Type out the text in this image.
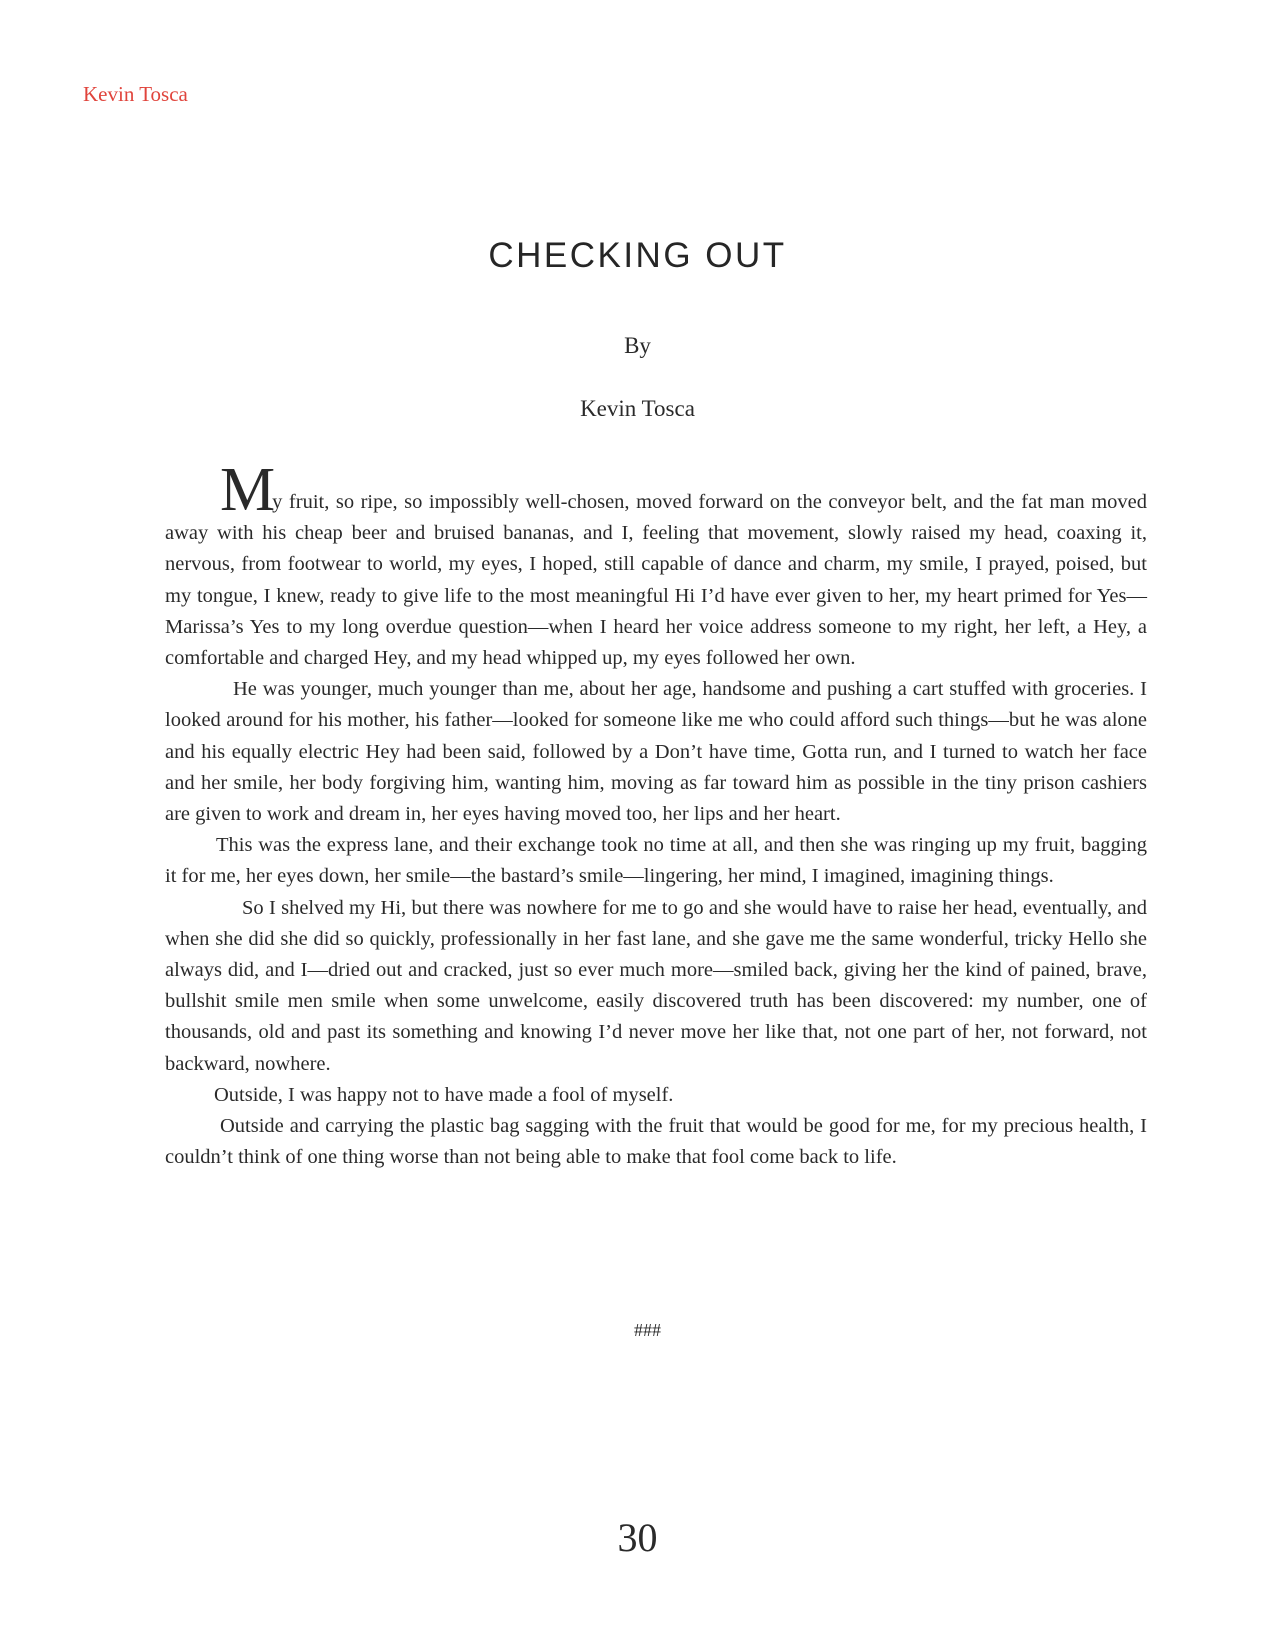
Kevin Tosca
CHECKING OUT
By
Kevin Tosca

My fruit, so ripe, so impossibly well-chosen, moved forward on the conveyor belt, and the fat man moved away with his cheap beer and bruised bananas, and I, feeling that movement, slowly raised my head, coaxing it, nervous, from footwear to world, my eyes, I hoped, still capable of dance and charm, my smile, I prayed, poised, but my tongue, I knew, ready to give life to the most meaningful Hi I’d have ever given to her, my heart primed for Yes—Marissa’s Yes to my long overdue question—when I heard her voice address someone to my right, her left, a Hey, a comfortable and charged Hey, and my head whipped up, my eyes followed her own.

He was younger, much younger than me, about her age, handsome and pushing a cart stuffed with groceries. I looked around for his mother, his father—looked for someone like me who could afford such things—but he was alone and his equally electric Hey had been said, followed by a Don’t have time, Gotta run, and I turned to watch her face and her smile, her body forgiving him, wanting him, moving as far toward him as possible in the tiny prison cashiers are given to work and dream in, her eyes having moved too, her lips and her heart.

This was the express lane, and their exchange took no time at all, and then she was ringing up my fruit, bagging it for me, her eyes down, her smile—the bastard’s smile—lingering, her mind, I imagined, imagining things.

So I shelved my Hi, but there was nowhere for me to go and she would have to raise her head, eventually, and when she did she did so quickly, professionally in her fast lane, and she gave me the same wonderful, tricky Hello she always did, and I—dried out and cracked, just so ever much more—smiled back, giving her the kind of pained, brave, bullshit smile men smile when some unwelcome, easily discovered truth has been discovered: my number, one of thousands, old and past its something and knowing I’d never move her like that, not one part of her, not forward, not backward, nowhere.

Outside, I was happy not to have made a fool of myself.

Outside and carrying the plastic bag sagging with the fruit that would be good for me, for my precious health, I couldn’t think of one thing worse than not being able to make that fool come back to life.

###
30
